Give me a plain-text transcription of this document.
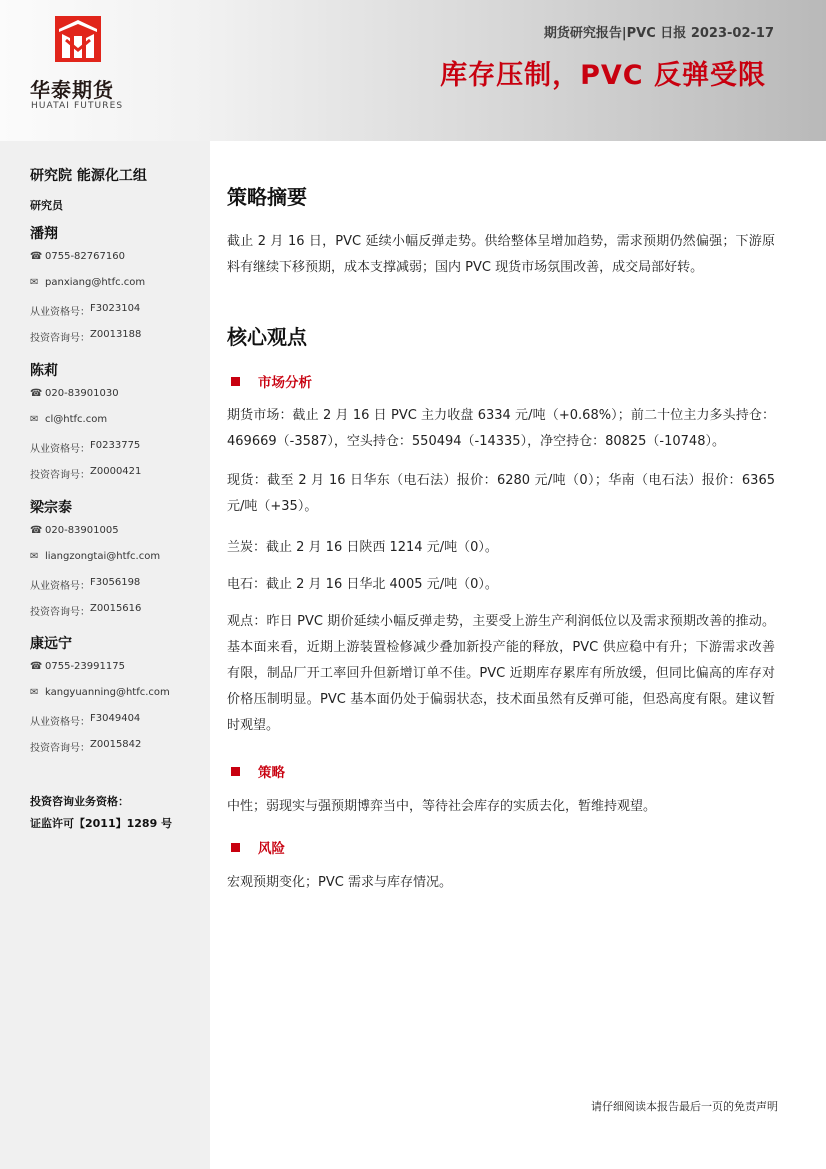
华泰期货
HUATAI FUTURES
期货研究报告|PVC 日报 2023-02-17
库存压制，PVC 反弹受限
研究院 能源化工组
研究员
潘翔
☎ 0755-82767160
✉ panxiang@htfc.com
从业资格号： F3023104
投资咨询号： Z0013188
陈莉
☎ 020-83901030
✉ cl@htfc.com
从业资格号： F0233775
投资咨询号： Z0000421
梁宗泰
☎ 020-83901005
✉ liangzongtai@htfc.com
从业资格号： F3056198
投资咨询号： Z0015616
康远宁
☎ 0755-23991175
✉ kangyuanning@htfc.com
从业资格号： F3049404
投资咨询号： Z0015842
投资咨询业务资格：
证监许可【2011】1289 号
策略摘要
截止 2 月 16 日，PVC 延续小幅反弹走势。供给整体呈增加趋势，需求预期仍然偏强；下游原料有继续下移预期，成本支撑减弱；国内 PVC 现货市场氛围改善，成交局部好转。
核心观点
市场分析
期货市场：截止 2 月 16 日 PVC 主力收盘 6334 元/吨（+0.68%）；前二十位主力多头持仓：469669（-3587），空头持仓：550494（-14335），净空持仓：80825（-10748）。
现货：截至 2 月 16 日华东（电石法）报价：6280 元/吨（0）；华南（电石法）报价：6365 元/吨（+35）。
兰炭：截止 2 月 16 日陕西 1214 元/吨（0）。
电石：截止 2 月 16 日华北 4005 元/吨（0）。
观点：昨日 PVC 期价延续小幅反弹走势，主要受上游生产利润低位以及需求预期改善的推动。基本面来看，近期上游装置检修减少叠加新投产能的释放，PVC 供应稳中有升；下游需求改善有限，制品厂开工率回升但新增订单不佳。PVC 近期库存累库有所放缓，但同比偏高的库存对价格压制明显。PVC 基本面仍处于偏弱状态，技术面虽然有反弹可能，但恐高度有限。建议暂时观望。
策略
中性；弱现实与强预期博弈当中，等待社会库存的实质去化，暂维持观望。
风险
宏观预期变化；PVC 需求与库存情况。
请仔细阅读本报告最后一页的免责声明
